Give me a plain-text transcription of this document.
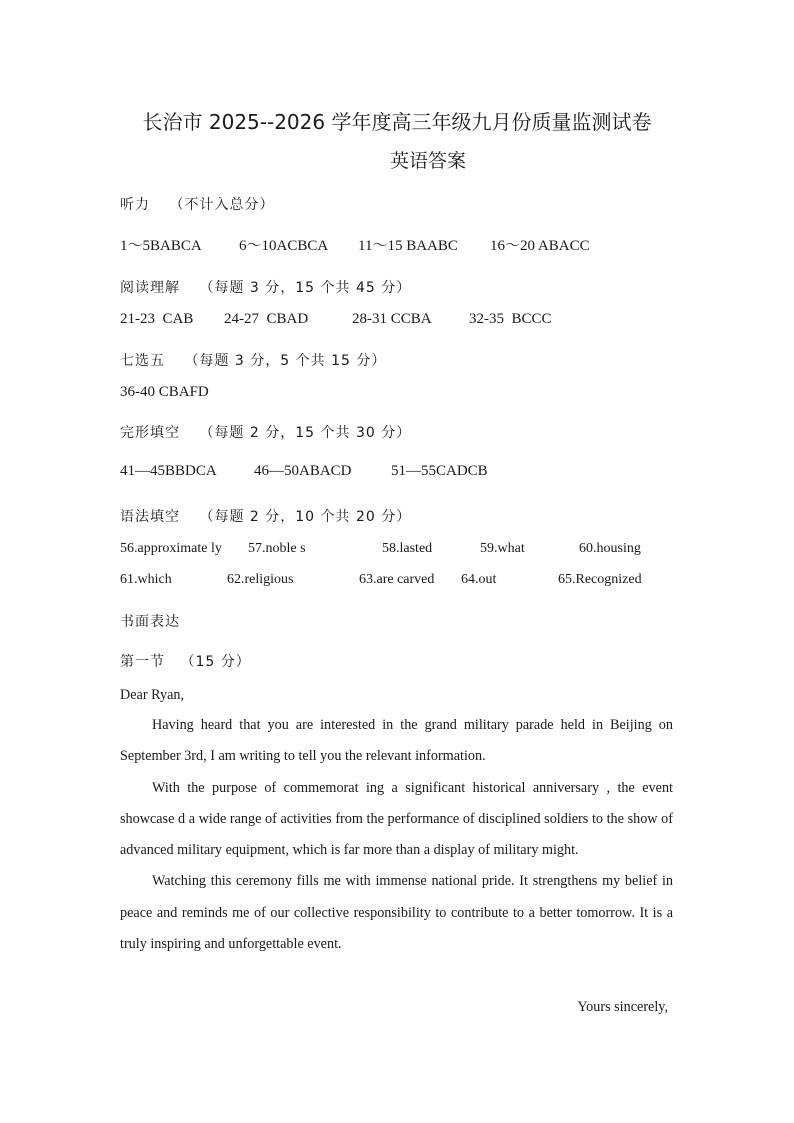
长治市 2025--2026 学年度高三年级九月份质量监测试卷
英语答案
听力 （不计入总分）
1～5BABCA 6～10ACBCA 11～15 BAABC 16～20 ABACC
阅读理解 （每题 3 分，15 个共 45 分）
21-23  CAB 24-27  CBAD	28-31 CCBA 32-35  BCCC
七选五 （每题 3 分，5 个共 15 分）
36-40 CBAFD
完形填空 （每题 2 分，15 个共 30 分）
41—45BBDCA 46—50ABACD	51—55CADCB
语法填空 （每题 2 分，10 个共 20 分）
56.approximate ly 57.noble s	58.lasted	59.what	60.housing
61.which	62.religious	63.are carved 64.out	65.Recognized
书面表达
第一节 （15 分）
Dear Ryan,

Having heard that you are interested in the grand military parade held in Beijing on September 3rd, I am writing to tell you the relevant information.

With the purpose of commemorat ing a significant historical anniversary , the event showcase d a wide range of activities from the performance of disciplined soldiers to the show of advanced military equipment, which is far more than a display of military might.

Watching this ceremony fills me with immense national pride. It strengthens my belief in peace and reminds me of our collective responsibility to contribute to a better tomorrow. It is a truly inspiring and unforgettable event.

Yours sincerely,
